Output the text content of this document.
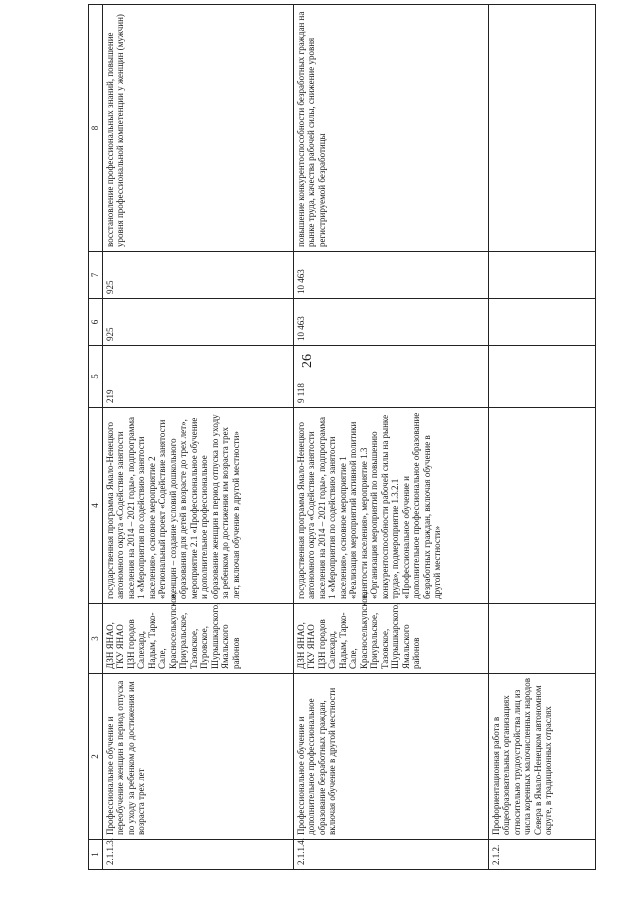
26
1	2	3	4	5	6	7	8
2.1.1.3.	Профессиональное обучение и переобучение женщин в период отпуска по уходу за ребенком до достижения им возраста трех лет	ДЗН ЯНАО, ГКУ ЯНАО ЦЗН городов Салехард, Надым, Тарко-Сале, Красноселькупское, Приуральское, Тазовское, Пуровское, Шурышкарского, Ямальского районов	государственная программа Ямало-Ненецкого автономного округа «Содействие занятости населения на 2014 – 2021 годы», подпрограмма 1 «Мероприятия по содействию занятости населения», основное мероприятие 2 «Региональный проект «Содействие занятости женщин – создание условий дошкольного образования для детей в возрасте до трех лет», мероприятие 2.1 «Профессиональное обучение и дополнительное профессиональное образование женщин в период отпуска по уходу за ребенком до достижения им возраста трех лет, включая обучение в другой местности»	219	925	925	восстановление профессиональных знаний, повышение уровня профессиональной компетенции у женщин (мужчин)
2.1.1.4.	Профессиональное обучение и дополнительное профессиональное образование безработных граждан, включая обучение в другой местности	ДЗН ЯНАО, ГКУ ЯНАО ЦЗН городов Салехард, Надым, Тарко-Сале, Красноселькупское, Приуральское, Тазовское, Шурышкарского, Ямальского районов	государственная программа Ямало-Ненецкого автономного округа «Содействие занятости населения на 2014 – 2021 годы», подпрограмма 1 «Мероприятия по содействию занятости населения», основное мероприятие 1 «Реализация мероприятий активной политики занятости населения», мероприятие 1.3 «Организация мероприятий по повышению конкурентоспособности рабочей силы на рынке труда», подмероприятие 1.3.2.1 «Профессиональное обучение и дополнительное профессиональное образование безработных граждан, включая обучение в другой местности»	9 118	10 463	10 463	повышение конкурентоспособности безработных граждан на рынке труда, качества рабочей силы, снижение уровня регистрируемой безработицы
2.1.2.	Профориентационная работа в общеобразовательных организациях относительно трудоустройства лиц из числа коренных малочисленных народов Севера в Ямало-Ненецком автономном округе, в традиционных отраслях						
